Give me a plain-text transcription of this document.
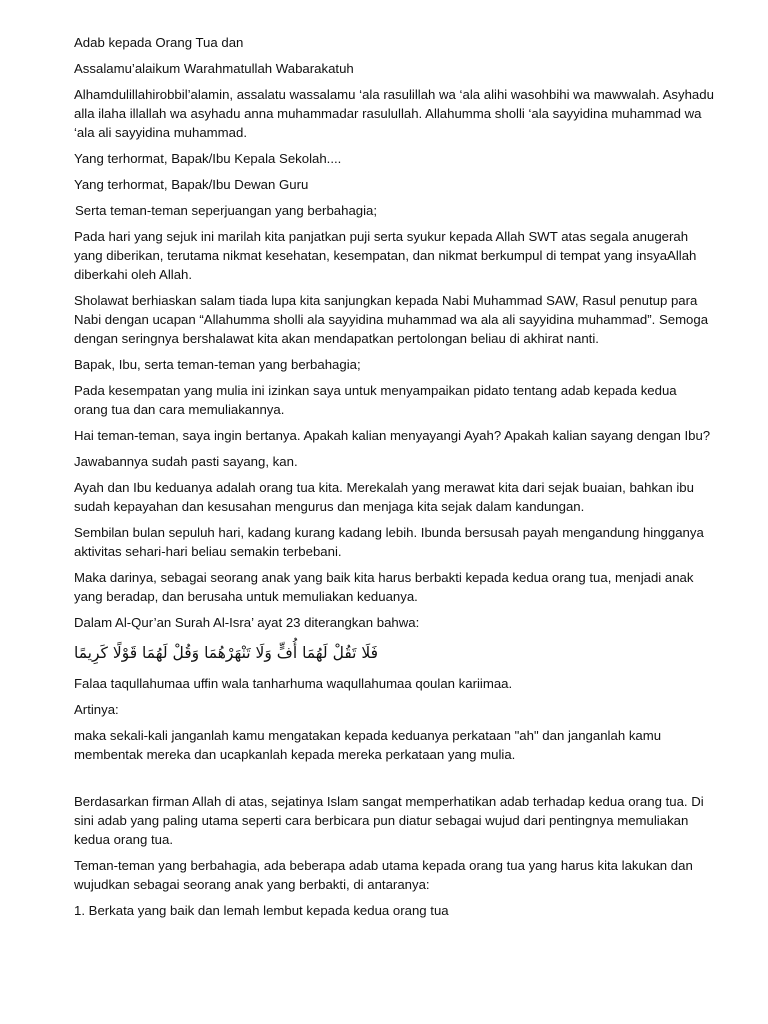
Adab kepada Orang Tua dan

Assalamu’alaikum Warahmatullah Wabarakatuh

Alhamdulillahirobbil’alamin, assalatu wassalamu ‘ala rasulillah wa ‘ala alihi wasohbihi wa mawwalah. Asyhadu alla ilaha illallah wa asyhadu anna muhammadar rasulullah. Allahumma sholli ‘ala sayyidina muhammad wa ‘ala ali sayyidina muhammad.

Yang terhormat, Bapak/Ibu Kepala Sekolah....

Yang terhormat, Bapak/Ibu Dewan Guru

Serta teman-teman seperjuangan yang berbahagia;

Pada hari yang sejuk ini marilah kita panjatkan puji serta syukur kepada Allah SWT atas segala anugerah yang diberikan, terutama nikmat kesehatan, kesempatan, dan nikmat berkumpul di tempat yang insyaAllah diberkahi oleh Allah.

Sholawat berhiaskan salam tiada lupa kita sanjungkan kepada Nabi Muhammad SAW, Rasul penutup para Nabi dengan ucapan “Allahumma sholli ala sayyidina muhammad wa ala ali sayyidina muhammad”. Semoga dengan seringnya bershalawat kita akan mendapatkan pertolongan beliau di akhirat nanti.

Bapak, Ibu, serta teman-teman yang berbahagia;

Pada kesempatan yang mulia ini izinkan saya untuk menyampaikan pidato tentang adab kepada kedua orang tua dan cara memuliakannya.

Hai teman-teman, saya ingin bertanya. Apakah kalian menyayangi Ayah? Apakah kalian sayang dengan Ibu?

Jawabannya sudah pasti sayang, kan.

Ayah dan Ibu keduanya adalah orang tua kita. Merekalah yang merawat kita dari sejak buaian, bahkan ibu sudah kepayahan dan kesusahan mengurus dan menjaga kita sejak dalam kandungan.

Sembilan bulan sepuluh hari, kadang kurang kadang lebih. Ibunda bersusah payah mengandung hingganya aktivitas sehari-hari beliau semakin terbebani.

Maka darinya, sebagai seorang anak yang baik kita harus berbakti kepada kedua orang tua, menjadi anak yang beradap, dan berusaha untuk memuliakan keduanya.

Dalam Al-Qur’an Surah Al-Isra’ ayat 23 diterangkan bahwa:

فَلَا تَقُلْ لَهُمَا أُفٍّ وَلَا تَنْهَرْهُمَا وَقُلْ لَهُمَا قَوْلًا كَرِيمًا

Falaa taqullahumaa uffin wala tanharhuma waqullahumaa qoulan kariimaa.

Artinya:

maka sekali-kali janganlah kamu mengatakan kepada keduanya perkataan "ah" dan janganlah kamu membentak mereka dan ucapkanlah kepada mereka perkataan yang mulia.

Berdasarkan firman Allah di atas, sejatinya Islam sangat memperhatikan adab terhadap kedua orang tua. Di sini adab yang paling utama seperti cara berbicara pun diatur sebagai wujud dari pentingnya memuliakan kedua orang tua.

Teman-teman yang berbahagia, ada beberapa adab utama kepada orang tua yang harus kita lakukan dan wujudkan sebagai seorang anak yang berbakti, di antaranya:

1. Berkata yang baik dan lemah lembut kepada kedua orang tua
